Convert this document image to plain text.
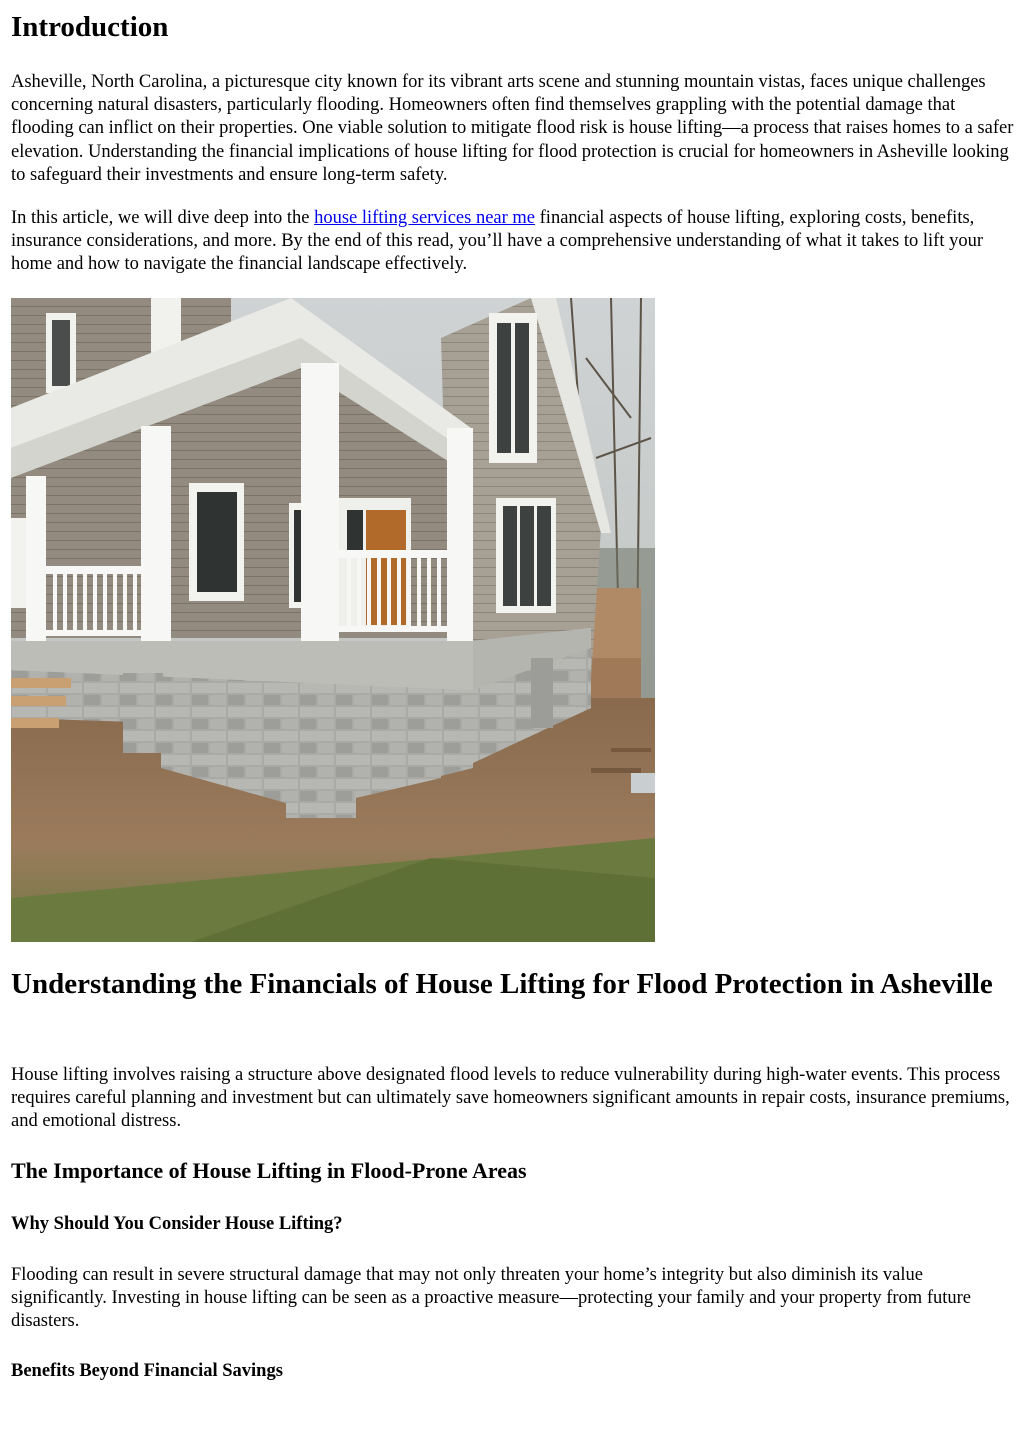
Introduction

Asheville, North Carolina, a picturesque city known for its vibrant arts scene and stunning mountain vistas, faces unique challenges concerning natural disasters, particularly flooding. Homeowners often find themselves grappling with the potential damage that flooding can inflict on their properties. One viable solution to mitigate flood risk is house lifting—a process that raises homes to a safer elevation. Understanding the financial implications of house lifting for flood protection is crucial for homeowners in Asheville looking to safeguard their investments and ensure long-term safety.

In this article, we will dive deep into the house lifting services near me financial aspects of house lifting, exploring costs, benefits, insurance considerations, and more. By the end of this read, you’ll have a comprehensive understanding of what it takes to lift your home and how to navigate the financial landscape effectively.

Understanding the Financials of House Lifting for Flood Protection in Asheville

House lifting involves raising a structure above designated flood levels to reduce vulnerability during high-water events. This process requires careful planning and investment but can ultimately save homeowners significant amounts in repair costs, insurance premiums, and emotional distress.

The Importance of House Lifting in Flood-Prone Areas
Why Should You Consider House Lifting?

Flooding can result in severe structural damage that may not only threaten your home’s integrity but also diminish its value significantly. Investing in house lifting can be seen as a proactive measure—protecting your family and your property from future disasters.

Benefits Beyond Financial Savings
